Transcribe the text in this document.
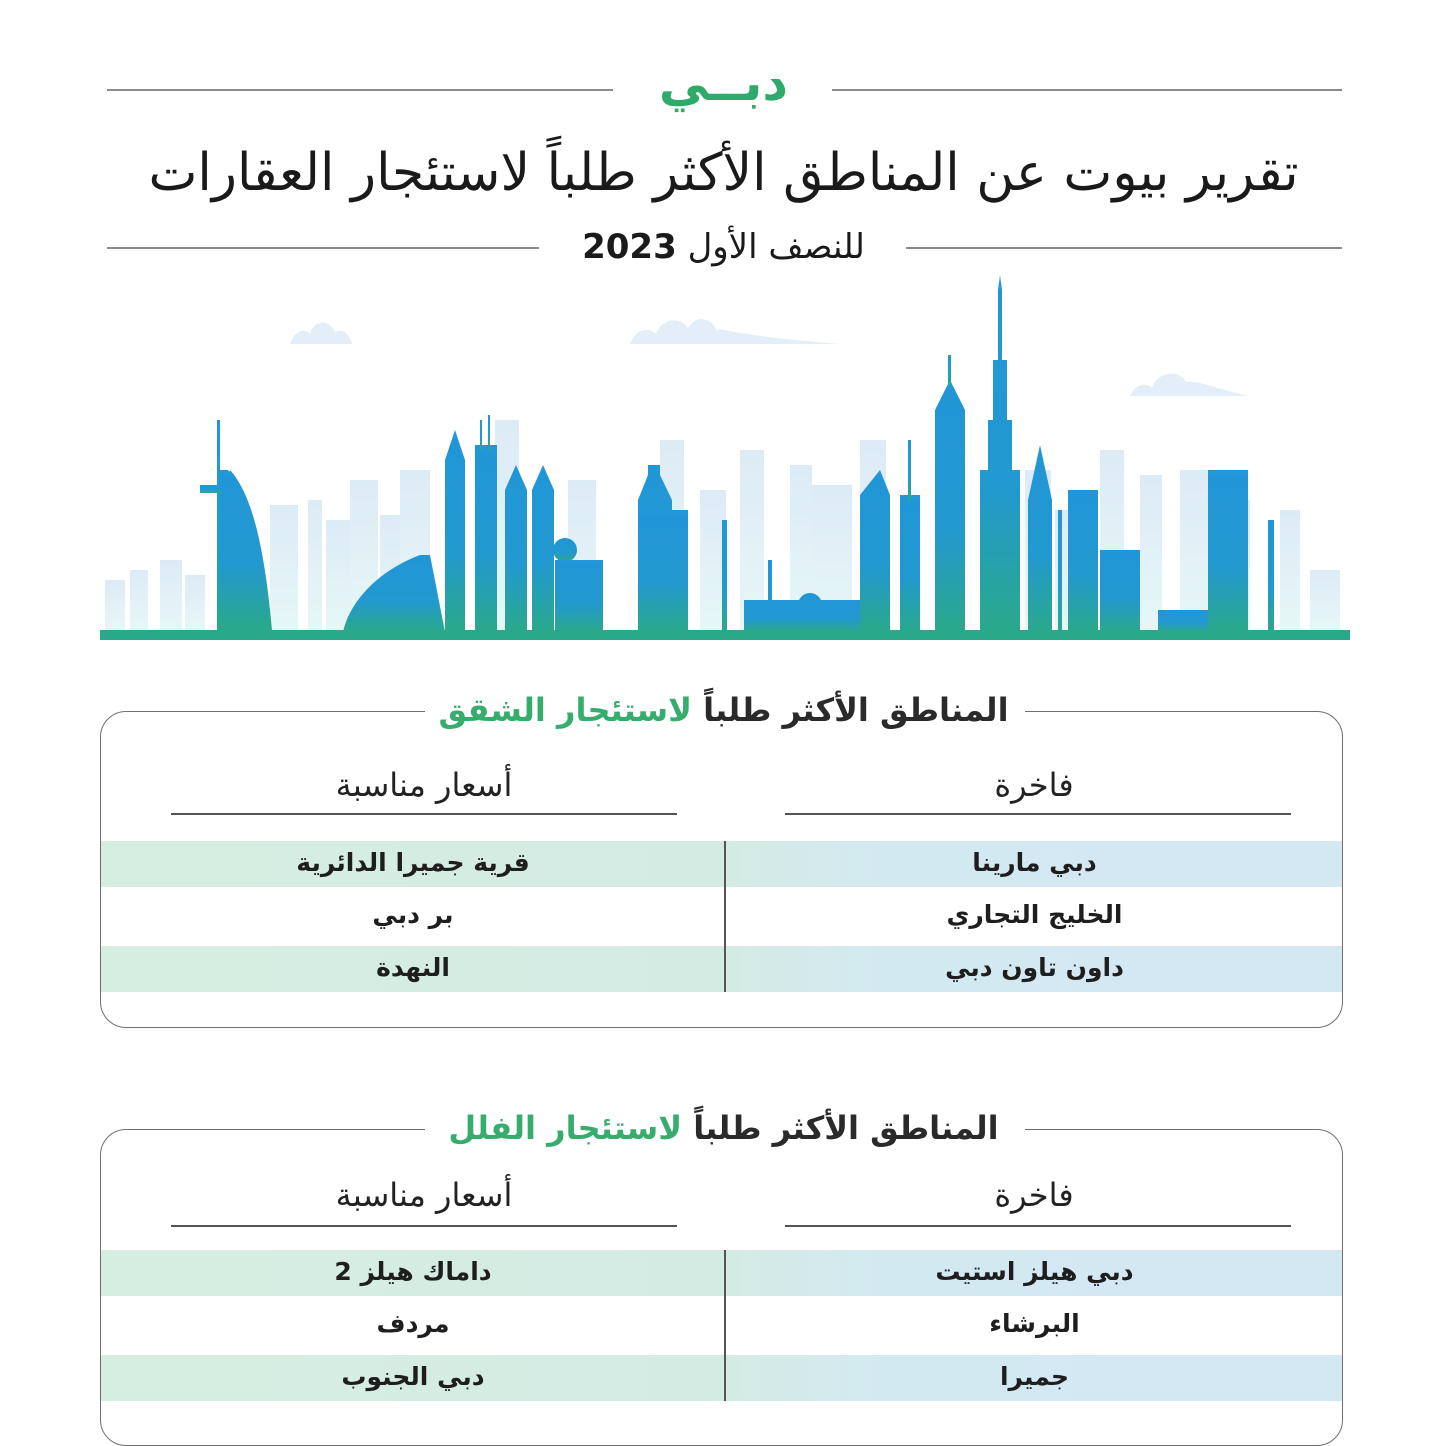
دبــي
تقرير بيوت عن المناطق الأكثر طلباً لاستئجار العقارات
للنصف الأول 2023
فاخرة
أسعار مناسبة
دبي مارينا
قرية جميرا الدائرية
الخليج التجاري
بر دبي
داون تاون دبي
النهدة
المناطق الأكثر طلباً لاستئجار الشقق
فاخرة
أسعار مناسبة
دبي هيلز استيت
داماك هيلز 2
البرشاء
مردف
جميرا
دبي الجنوب
المناطق الأكثر طلباً لاستئجار الفلل
